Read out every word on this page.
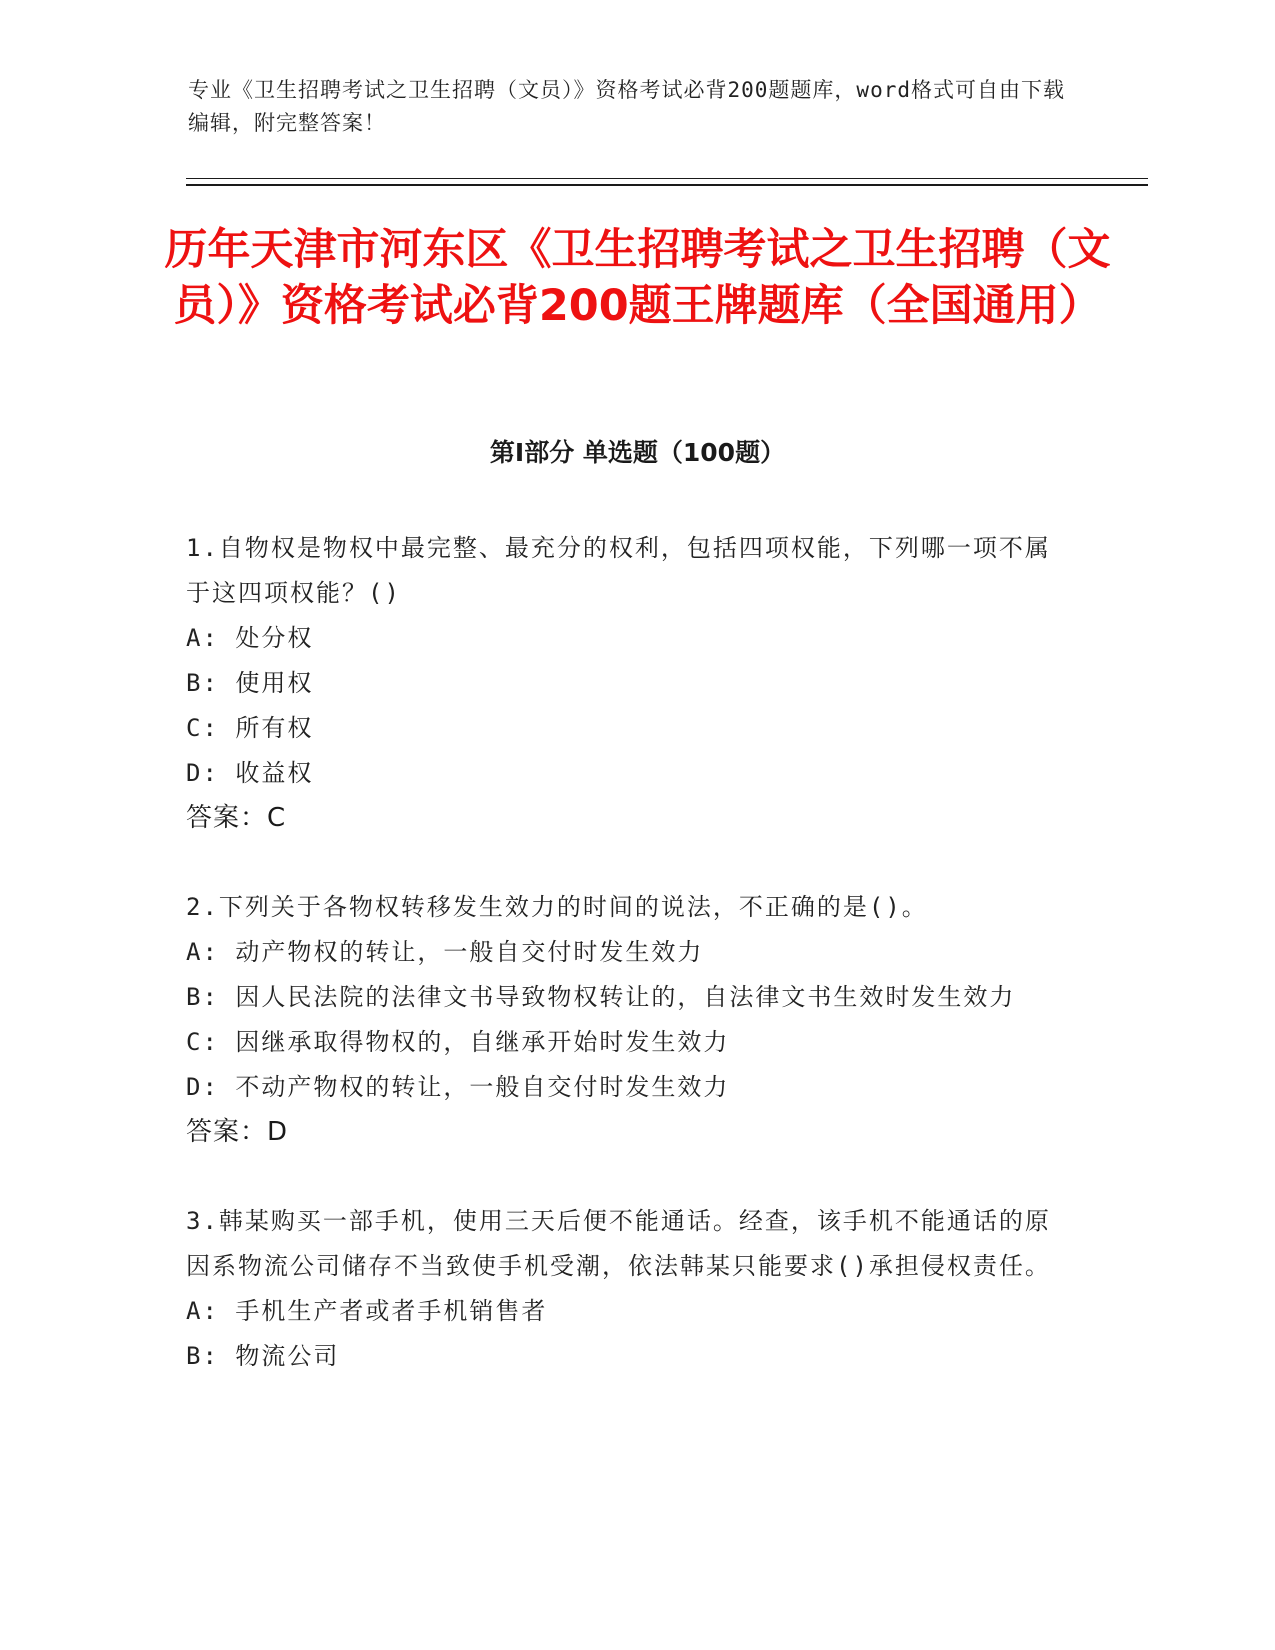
专业《卫生招聘考试之卫生招聘（文员）》资格考试必背200题题库，word格式可自由下载编辑，附完整答案！
历年天津市河东区《卫生招聘考试之卫生招聘（文员）》资格考试必背200题王牌题库（全国通用）
第Ⅰ部分 单选题（100题）

1.自物权是物权中最完整、最充分的权利，包括四项权能，下列哪一项不属于这四项权能？()

A: 处分权

B: 使用权

C: 所有权

D: 收益权

答案：C

2.下列关于各物权转移发生效力的时间的说法，不正确的是()。

A: 动产物权的转让，一般自交付时发生效力

B: 因人民法院的法律文书导致物权转让的，自法律文书生效时发生效力

C: 因继承取得物权的，自继承开始时发生效力

D: 不动产物权的转让，一般自交付时发生效力

答案：D

3.韩某购买一部手机，使用三天后便不能通话。经查，该手机不能通话的原因系物流公司储存不当致使手机受潮，依法韩某只能要求()承担侵权责任。

A: 手机生产者或者手机销售者

B: 物流公司
